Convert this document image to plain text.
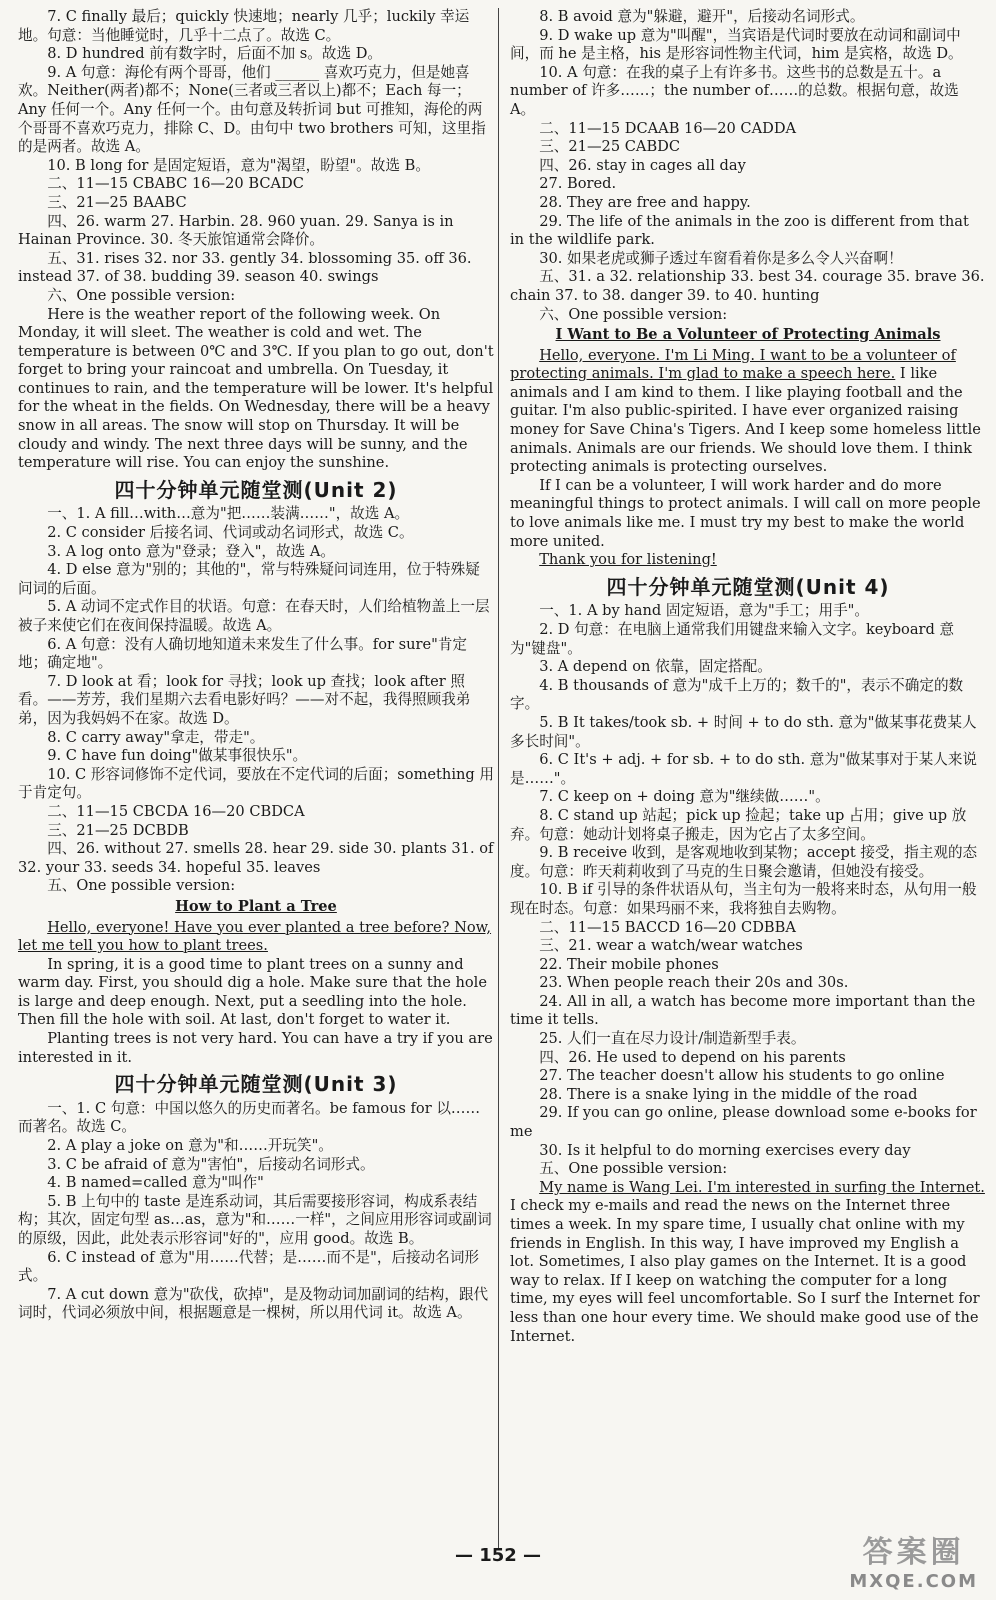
7. C finally 最后；quickly 快速地；nearly 几乎；luckily 幸运地。句意：当他睡觉时，几乎十二点了。故选 C。

8. D hundred 前有数字时，后面不加 s。故选 D。

9. A 句意：海伦有两个哥哥，他们 ______ 喜欢巧克力，但是她喜欢。Neither(两者)都不；None(三者或三者以上)都不；Each 每一；Any 任何一个。Any 任何一个。由句意及转折词 but 可推知，海伦的两个哥哥不喜欢巧克力，排除 C、D。由句中 two brothers 可知，这里指的是两者。故选 A。

10. B long for 是固定短语，意为"渴望，盼望"。故选 B。

二、11—15 CBABC 16—20 BCADC

三、21—25 BAABC

四、26. warm 27. Harbin. 28. 960 yuan. 29. Sanya is in Hainan Province. 30. 冬天旅馆通常会降价。

五、31. rises 32. nor 33. gently 34. blossoming 35. off 36. instead 37. of 38. budding 39. season 40. swings

六、One possible version:

Here is the weather report of the following week. On Monday, it will sleet. The weather is cold and wet. The temperature is between 0℃ and 3℃. If you plan to go out, don't forget to bring your raincoat and umbrella. On Tuesday, it continues to rain, and the temperature will be lower. It's helpful for the wheat in the fields. On Wednesday, there will be a heavy snow in all areas. The snow will stop on Thursday. It will be cloudy and windy. The next three days will be sunny, and the temperature will rise. You can enjoy the sunshine.

四十分钟单元随堂测(Unit 2)

一、1. A fill…with…意为"把……装满……"，故选 A。

2. C consider 后接名词、代词或动名词形式，故选 C。

3. A log onto 意为"登录；登入"，故选 A。

4. D else 意为"别的；其他的"，常与特殊疑问词连用，位于特殊疑问词的后面。

5. A 动词不定式作目的状语。句意：在春天时，人们给植物盖上一层被子来使它们在夜间保持温暖。故选 A。

6. A 句意：没有人确切地知道未来发生了什么事。for sure"肯定地；确定地"。

7. D look at 看；look for 寻找；look up 查找；look after 照看。——芳芳，我们星期六去看电影好吗？——对不起，我得照顾我弟弟，因为我妈妈不在家。故选 D。

8. C carry away"拿走，带走"。

9. C have fun doing"做某事很快乐"。

10. C 形容词修饰不定代词，要放在不定代词的后面；something 用于肯定句。

二、11—15 CBCDA 16—20 CBDCA

三、21—25 DCBDB

四、26. without 27. smells 28. hear 29. side 30. plants 31. of 32. your 33. seeds 34. hopeful 35. leaves

五、One possible version:

How to Plant a Tree

Hello, everyone! Have you ever planted a tree before? Now, let me tell you how to plant trees.

In spring, it is a good time to plant trees on a sunny and warm day. First, you should dig a hole. Make sure that the hole is large and deep enough. Next, put a seedling into the hole. Then fill the hole with soil. At last, don't forget to water it.

Planting trees is not very hard. You can have a try if you are interested in it.

四十分钟单元随堂测(Unit 3)

一、1. C 句意：中国以悠久的历史而著名。be famous for 以……而著名。故选 C。

2. A play a joke on 意为"和……开玩笑"。

3. C be afraid of 意为"害怕"，后接动名词形式。

4. B named=called 意为"叫作"

5. B 上句中的 taste 是连系动词，其后需要接形容词，构成系表结构；其次，固定句型 as…as，意为"和……一样"，之间应用形容词或副词的原级，因此，此处表示形容词"好的"，应用 good。故选 B。

6. C instead of 意为"用……代替；是……而不是"，后接动名词形式。

7. A cut down 意为"砍伐，砍掉"，是及物动词加副词的结构，跟代词时，代词必须放中间，根据题意是一棵树，所以用代词 it。故选 A。

8. B avoid 意为"躲避，避开"，后接动名词形式。

9. D wake up 意为"叫醒"，当宾语是代词时要放在动词和副词中间，而 he 是主格，his 是形容词性物主代词，him 是宾格，故选 D。

10. A 句意：在我的桌子上有许多书。这些书的总数是五十。a number of 许多……；the number of……的总数。根据句意，故选 A。

二、11—15 DCAAB 16—20 CADDA

三、21—25 CABDC

四、26. stay in cages all day

27. Bored.

28. They are free and happy.

29. The life of the animals in the zoo is different from that in the wildlife park.

30. 如果老虎或狮子透过车窗看着你是多么令人兴奋啊！

五、31. a 32. relationship 33. best 34. courage 35. brave 36. chain 37. to 38. danger 39. to 40. hunting

六、One possible version:

I Want to Be a Volunteer of Protecting Animals

Hello, everyone. I'm Li Ming. I want to be a volunteer of protecting animals. I'm glad to make a speech here. I like animals and I am kind to them. I like playing football and the guitar. I'm also public-spirited. I have ever organized raising money for Save China's Tigers. And I keep some homeless little animals. Animals are our friends. We should love them. I think protecting animals is protecting ourselves.

If I can be a volunteer, I will work harder and do more meaningful things to protect animals. I will call on more people to love animals like me. I must try my best to make the world more united.

Thank you for listening!

四十分钟单元随堂测(Unit 4)

一、1. A by hand 固定短语，意为"手工；用手"。

2. D 句意：在电脑上通常我们用键盘来输入文字。keyboard 意为"键盘"。

3. A depend on 依靠，固定搭配。

4. B thousands of 意为"成千上万的；数千的"，表示不确定的数字。

5. B It takes/took sb. + 时间 + to do sth. 意为"做某事花费某人多长时间"。

6. C It's + adj. + for sb. + to do sth. 意为"做某事对于某人来说是……"。

7. C keep on + doing 意为"继续做……"。

8. C stand up 站起；pick up 捡起；take up 占用；give up 放弃。句意：她动计划将桌子搬走，因为它占了太多空间。

9. B receive 收到，是客观地收到某物；accept 接受，指主观的态度。句意：昨天莉莉收到了马克的生日聚会邀请，但她没有接受。

10. B if 引导的条件状语从句，当主句为一般将来时态，从句用一般现在时态。句意：如果玛丽不来，我将独自去购物。

二、11—15 BACCD 16—20 CDBBA

三、21. wear a watch/wear watches

22. Their mobile phones

23. When people reach their 20s and 30s.

24. All in all, a watch has become more important than the time it tells.

25. 人们一直在尽力设计/制造新型手表。

四、26. He used to depend on his parents

27. The teacher doesn't allow his students to go online

28. There is a snake lying in the middle of the road

29. If you can go online, please download some e-books for me

30. Is it helpful to do morning exercises every day

五、One possible version:

My name is Wang Lei. I'm interested in surfing the Internet. I check my e-mails and read the news on the Internet three times a week. In my spare time, I usually chat online with my friends in English. In this way, I have improved my English a lot. Sometimes, I also play games on the Internet. It is a good way to relax. If I keep on watching the computer for a long time, my eyes will feel uncomfortable. So I surf the Internet for less than one hour every time. We should make good use of the Internet.

— 152 —	答案圈
MXQE.COM
